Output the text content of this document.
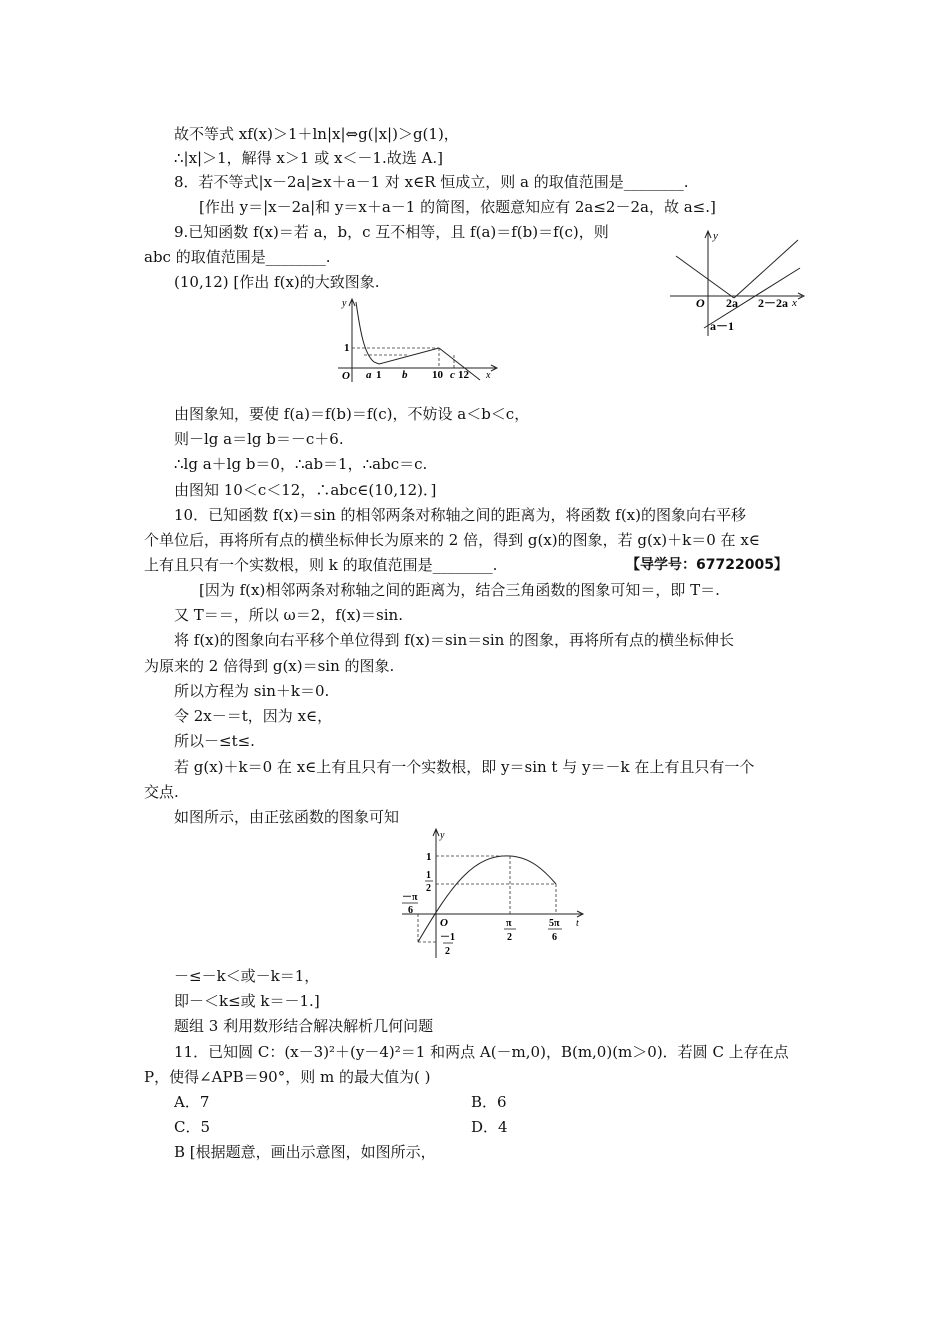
故不等式 xf(x)＞1＋ln|x|⇔g(|x|)＞g(1)，
∴|x|＞1，解得 x＞1 或 x＜－1.故选 A.]
8．若不等式|x－2a|≥x＋a－1 对 x∈R 恒成立，则 a 的取值范围是________.
[作出 y＝|x－2a|和 y＝x＋a－1 的简图，依题意知应有 2a≤2－2a，故 a≤.]
9.已知函数 f(x)＝若 a，b，c 互不相等，且 f(a)＝f(b)＝f(c)，则
abc 的取值范围是________.
(10,12) [作出 f(x)的大致图象.
由图象知，要使 f(a)＝f(b)＝f(c)，不妨设 a＜b＜c，
则－lg a＝lg b＝－c＋6.
∴lg a＋lg b＝0，∴ab＝1，∴abc＝c.
由图知 10＜c＜12，∴abc∈(10,12)．]
10．已知函数 f(x)＝sin 的相邻两条对称轴之间的距离为，将函数 f(x)的图象向右平移
个单位后，再将所有点的横坐标伸长为原来的 2 倍，得到 g(x)的图象，若 g(x)＋k＝0 在 x∈
上有且只有一个实数根，则 k 的取值范围是________.	【导学号：67722005】
[因为 f(x)相邻两条对称轴之间的距离为，结合三角函数的图象可知＝，即 T＝.
又 T＝＝，所以 ω＝2，f(x)＝sin.
将 f(x)的图象向右平移个单位得到 f(x)＝sin＝sin 的图象，再将所有点的横坐标伸长
为原来的 2 倍得到 g(x)＝sin 的图象.
所以方程为 sin＋k＝0.
令 2x－＝t，因为 x∈，
所以－≤t≤.
若 g(x)＋k＝0 在 x∈上有且只有一个实数根，即 y＝sin t 与 y＝－k 在上有且只有一个
交点.
如图所示，由正弦函数的图象可知
－≤－k＜或－k＝1，
即－＜k≤或 k＝－1.]
题组 3 利用数形结合解决解析几何问题
11．已知圆 C：(x－3)²＋(y－4)²＝1 和两点 A(－m,0)，B(m,0)(m＞0)．若圆 C 上存在点
P，使得∠APB＝90°，则 m 的最大值为( )
A．7	B．6
C．5	D．4
B [根据题意，画出示意图，如图所示，
y
x
O 2a 2－2a
a－1
y
x
O
1
a 1 b 10 c 12
y
t
O
1
1
2
－1
2
－π
6
π
2
5π
6
